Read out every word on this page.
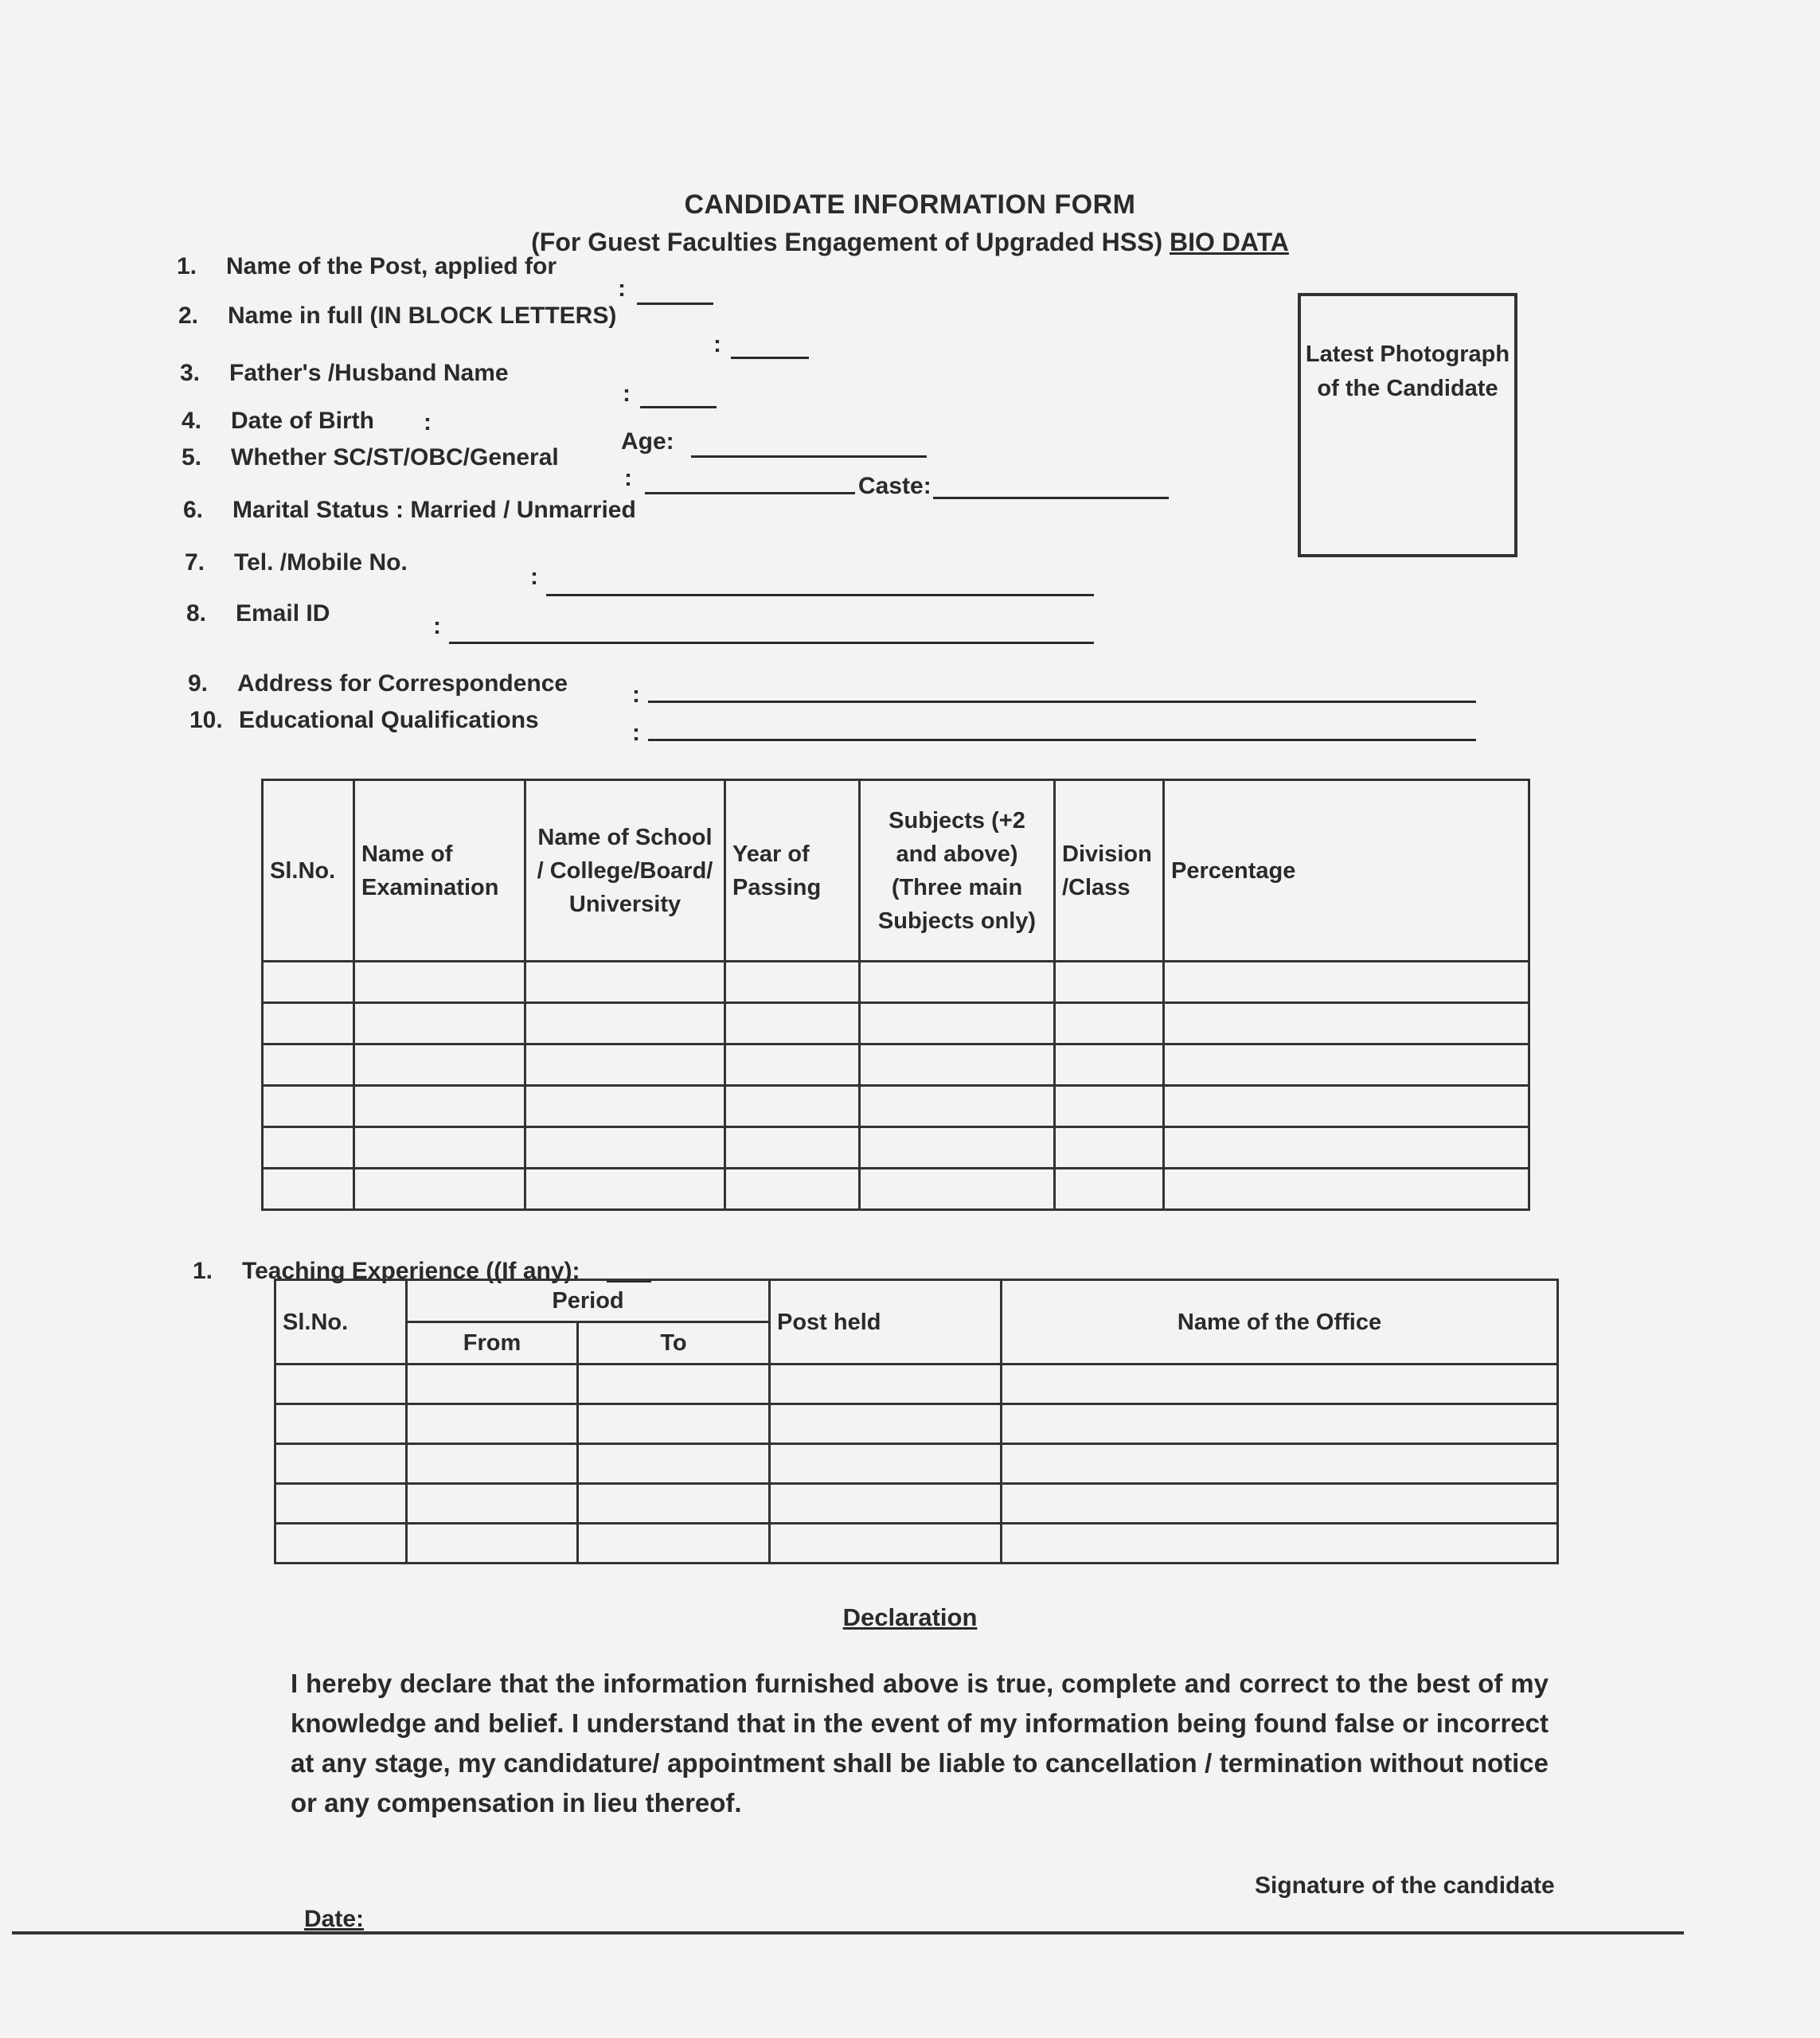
CANDIDATE INFORMATION FORM
(For Guest Faculties Engagement of Upgraded HSS) BIO DATA
Latest Photograph of the Candidate
1. Name of the Post, applied for
:
2. Name in full (IN BLOCK LETTERS)
:
3. Father's /Husband Name
:
4. Date of Birth :
Age:
5. Whether SC/ST/OBC/General
:	Caste:
6. Marital Status : Married / Unmarried
7. Tel. /Mobile No.
:
8. Email ID	:
9. Address for Correspondence	:
10. Educational Qualifications	:
Sl.No.	Name of Examination	Name of School / College/Board/ University	Year of Passing	Subjects (+2 and above) (Three main Subjects only)	Division /Class	Percentage

1. Teaching Experience ((If any):
Sl.No.	Period		Post held	Name of the Office
	From	To		

Declaration
I hereby declare that the information furnished above is true, complete and correct to the best of my knowledge and belief. I understand that in the event of my information being found false or incorrect at any stage, my candidature/ appointment shall be liable to cancellation / termination without notice or any compensation in lieu thereof.
Signature of the candidate
Date:
